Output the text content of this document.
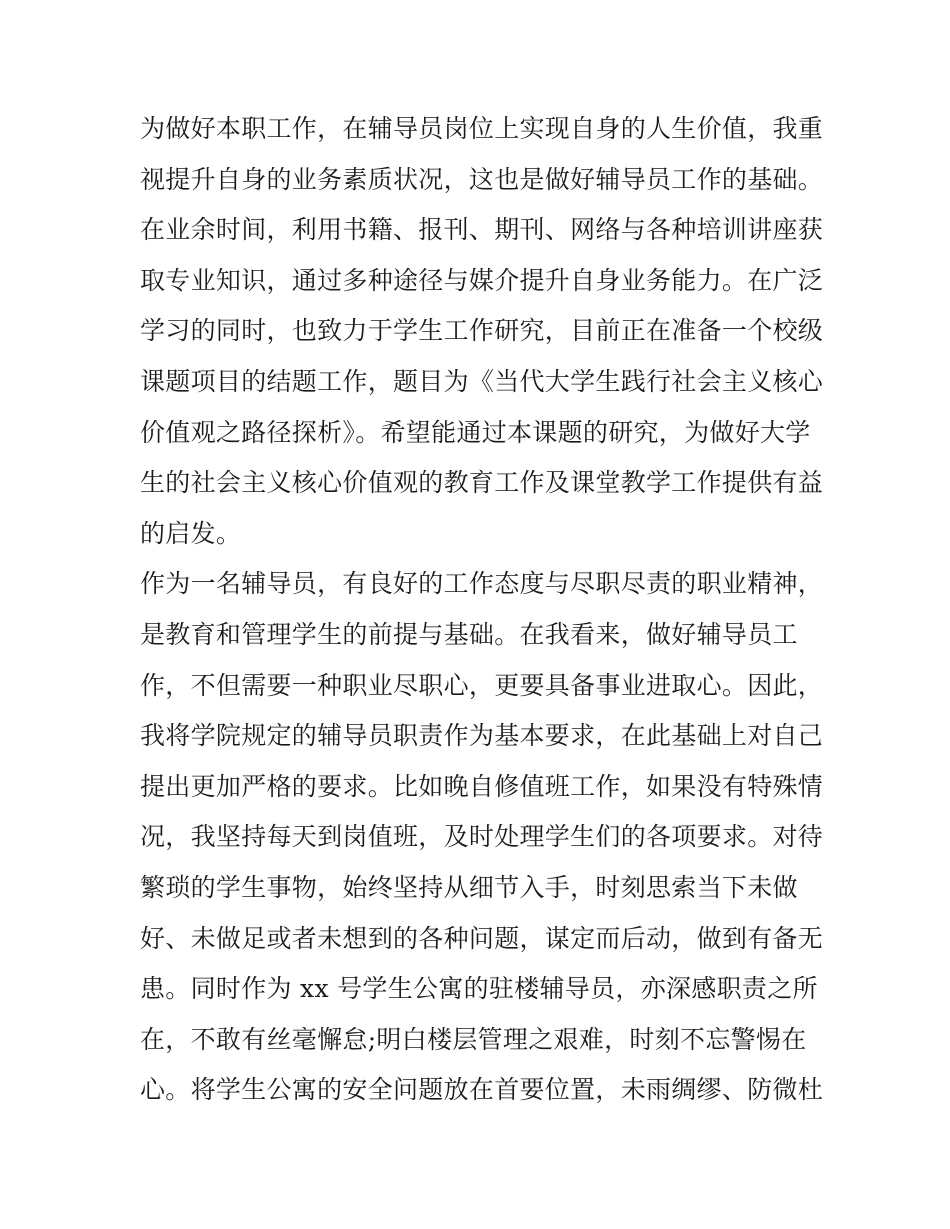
为做好本职工作，在辅导员岗位上实现自身的人生价值，我重
视提升自身的业务素质状况，这也是做好辅导员工作的基础。
在业余时间，利用书籍、报刊、期刊、网络与各种培训讲座获
取专业知识，通过多种途径与媒介提升自身业务能力。在广泛
学习的同时，也致力于学生工作研究，目前正在准备一个校级
课题项目的结题工作，题目为《当代大学生践行社会主义核心
价值观之路径探析》。希望能通过本课题的研究，为做好大学
生的社会主义核心价值观的教育工作及课堂教学工作提供有益
的启发。
作为一名辅导员，有良好的工作态度与尽职尽责的职业精神，
是教育和管理学生的前提与基础。在我看来，做好辅导员工
作，不但需要一种职业尽职心，更要具备事业进取心。因此，
我将学院规定的辅导员职责作为基本要求，在此基础上对自己
提出更加严格的要求。比如晚自修值班工作，如果没有特殊情
况，我坚持每天到岗值班，及时处理学生们的各项要求。对待
繁琐的学生事物，始终坚持从细节入手，时刻思索当下未做
好、未做足或者未想到的各种问题，谋定而后动，做到有备无
患。同时作为 xx 号学生公寓的驻楼辅导员，亦深感职责之所
在，不敢有丝毫懈怠;明白楼层管理之艰难，时刻不忘警惕在
心。将学生公寓的安全问题放在首要位置，未雨绸缪、防微杜
